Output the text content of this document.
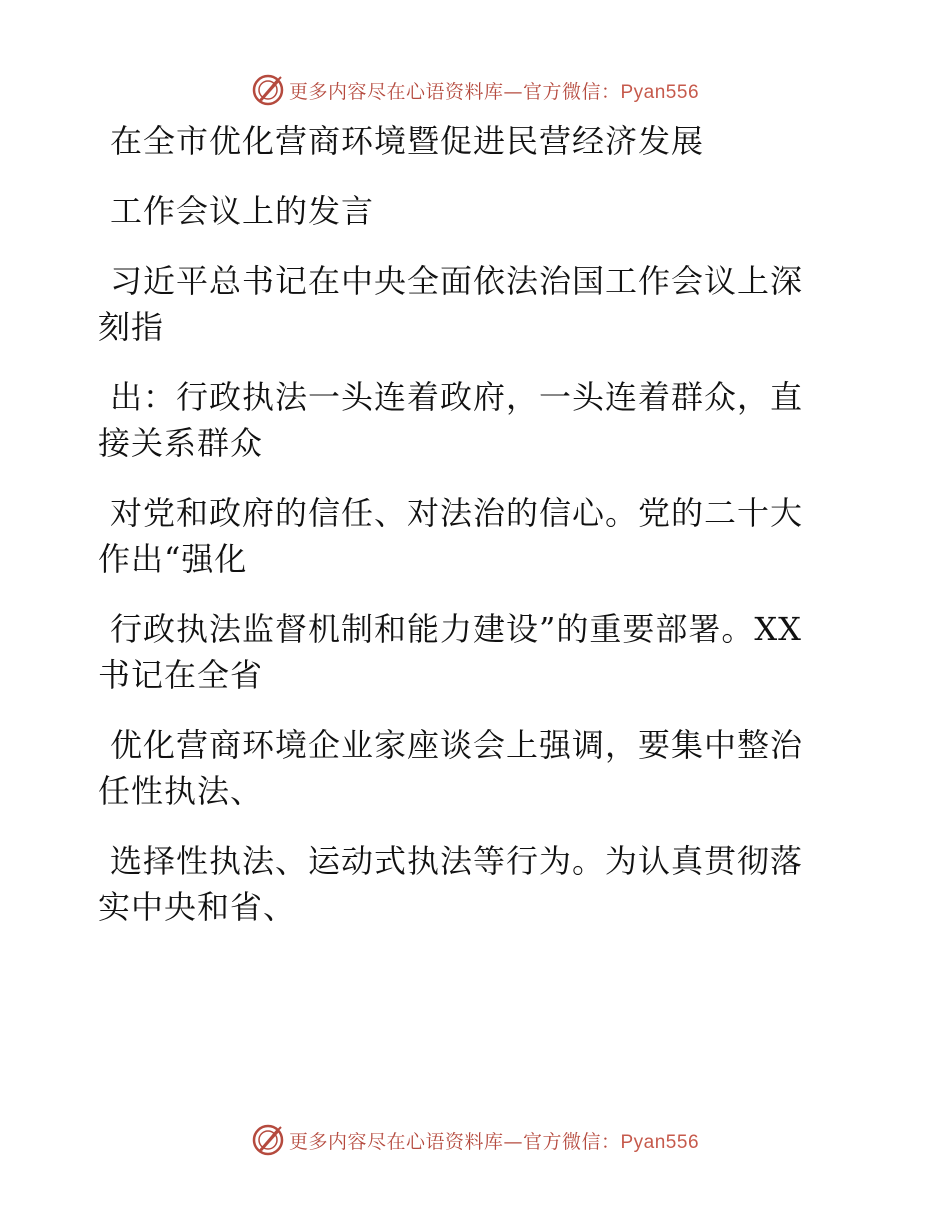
更多内容尽在心语资料库—官方微信：Pyan556
在全市优化营商环境暨促进民营经济发展
工作会议上的发言
习近平总书记在中央全面依法治国工作会议上深
刻指
出：行政执法一头连着政府，一头连着群众，直
接关系群众
对党和政府的信任、对法治的信心。党的二十大
作出“强化
行政执法监督机制和能力建设”的重要部署。XX
书记在全省
优化营商环境企业家座谈会上强调，要集中整治
任性执法、
选择性执法、运动式执法等行为。为认真贯彻落
实中央和省、
更多内容尽在心语资料库—官方微信：Pyan556
